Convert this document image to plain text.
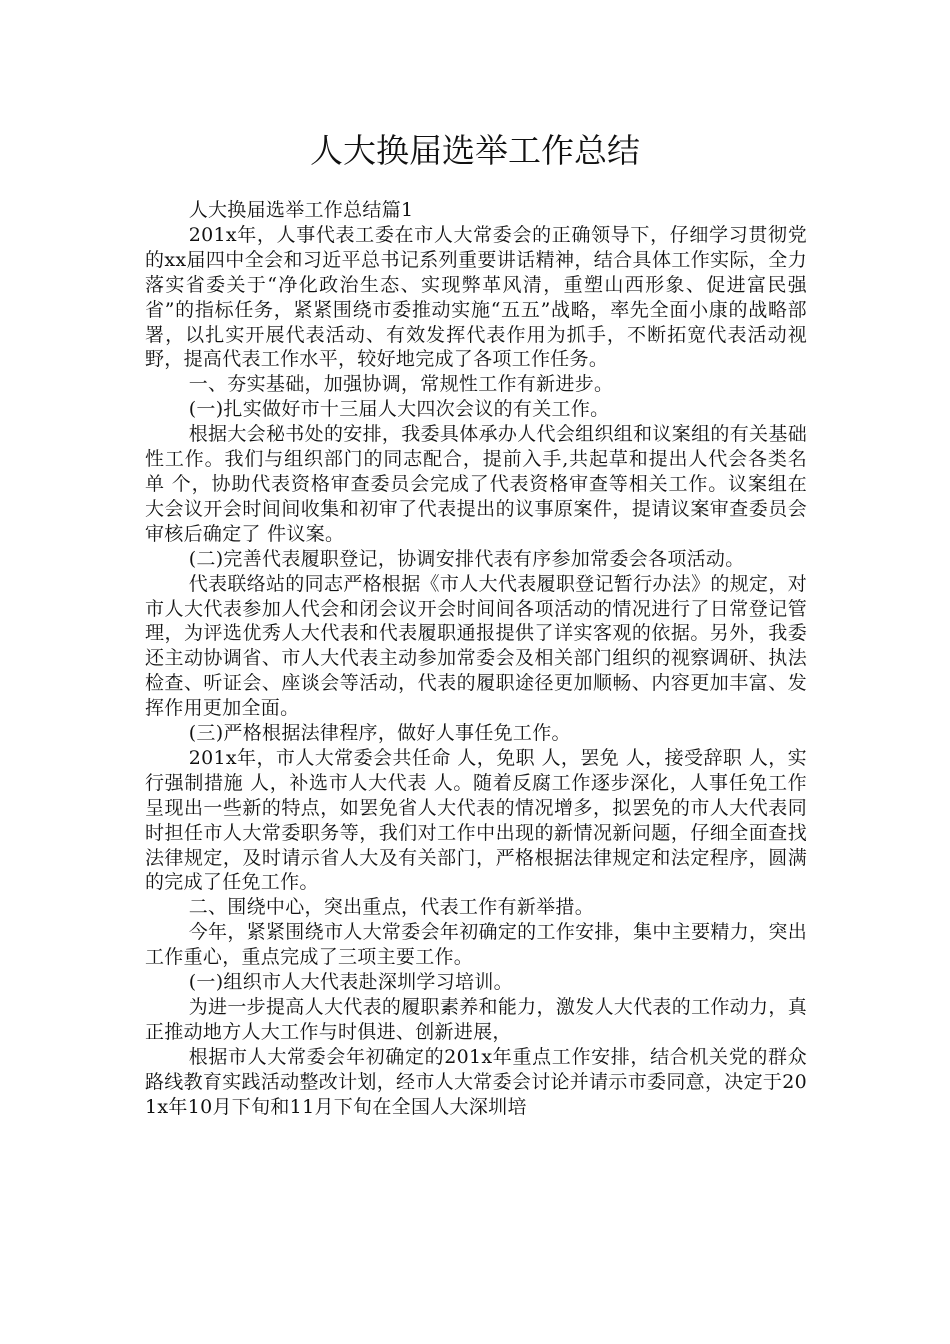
人大换届选举工作总结

人大换届选举工作总结篇1

201x年，人事代表工委在市人大常委会的正确领导下，仔细学习贯彻党的xx届四中全会和习近平总书记系列重要讲话精神，结合具体工作实际，全力落实省委关于“净化政治生态、实现弊革风清，重塑山西形象、促进富民强省”的指标任务，紧紧围绕市委推动实施“五五”战略，率先全面小康的战略部署，以扎实开展代表活动、有效发挥代表作用为抓手，不断拓宽代表活动视野，提高代表工作水平，较好地完成了各项工作任务。

一、夯实基础，加强协调，常规性工作有新进步。

(一)扎实做好市十三届人大四次会议的有关工作。

根据大会秘书处的安排，我委具体承办人代会组织组和议案组的有关基础性工作。我们与组织部门的同志配合，提前入手,共起草和提出人代会各类名单 个，协助代表资格审查委员会完成了代表资格审查等相关工作。议案组在大会议开会时间间收集和初审了代表提出的议事原案件，提请议案审查委员会审核后确定了 件议案。

(二)完善代表履职登记，协调安排代表有序参加常委会各项活动。

代表联络站的同志严格根据《市人大代表履职登记暂行办法》的规定，对市人大代表参加人代会和闭会议开会时间间各项活动的情况进行了日常登记管理，为评选优秀人大代表和代表履职通报提供了详实客观的依据。另外，我委还主动协调省、市人大代表主动参加常委会及相关部门组织的视察调研、执法检查、听证会、座谈会等活动，代表的履职途径更加顺畅、内容更加丰富、发挥作用更加全面。

(三)严格根据法律程序，做好人事任免工作。

201x年，市人大常委会共任命 人，免职 人，罢免 人，接受辞职 人，实行强制措施 人，补选市人大代表 人。随着反腐工作逐步深化，人事任免工作呈现出一些新的特点，如罢免省人大代表的情况增多，拟罢免的市人大代表同时担任市人大常委职务等，我们对工作中出现的新情况新问题，仔细全面查找法律规定，及时请示省人大及有关部门，严格根据法律规定和法定程序，圆满的完成了任免工作。

二、围绕中心，突出重点，代表工作有新举措。

今年，紧紧围绕市人大常委会年初确定的工作安排，集中主要精力，突出工作重心，重点完成了三项主要工作。

(一)组织市人大代表赴深圳学习培训。

为进一步提高人大代表的履职素养和能力，激发人大代表的工作动力，真正推动地方人大工作与时俱进、创新进展，

根据市人大常委会年初确定的201x年重点工作安排，结合机关党的群众路线教育实践活动整改计划，经市人大常委会讨论并请示市委同意，决定于201x年10月下旬和11月下旬在全国人大深圳培
